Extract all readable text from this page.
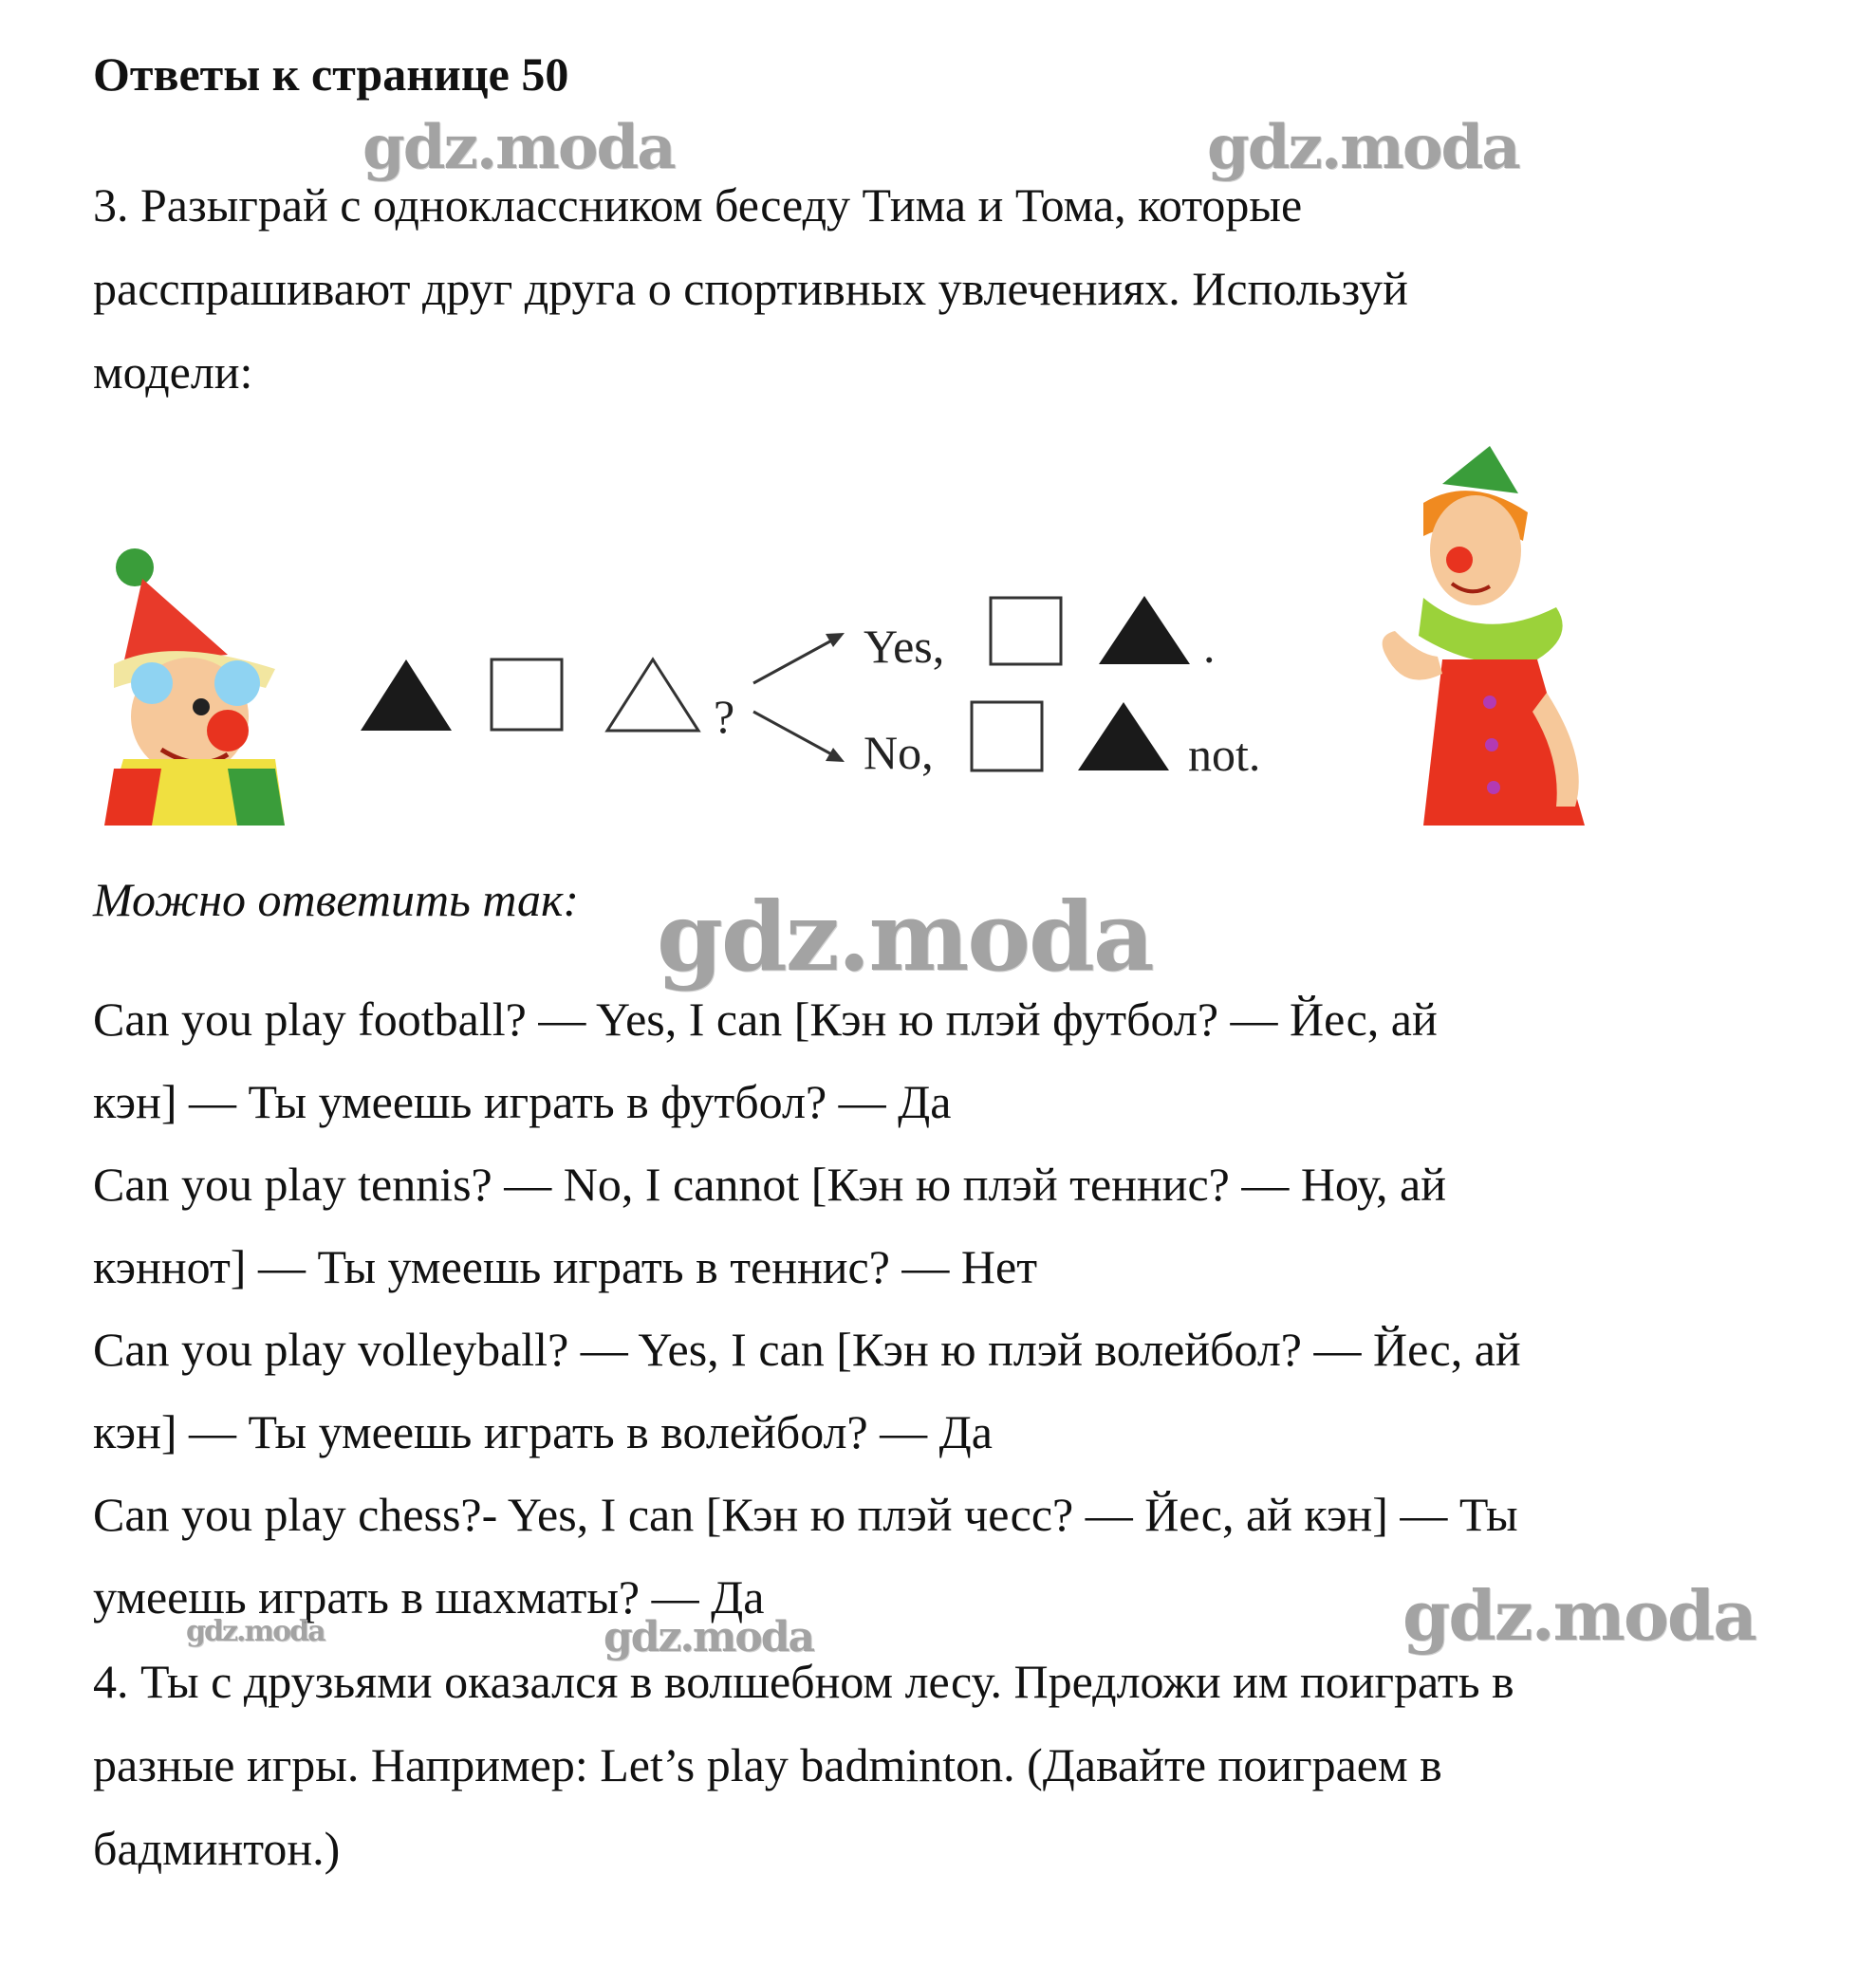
Ответы к странице 50
3. Разыграй с одноклассником беседу Тима и Тома, которые
расспрашивают друг друга о спортивных увлечениях. Используй
модели:
?
Yes,	.
No,	not.
Можно ответить так:
Can you play football? — Yes, I can [Кэн ю плэй футбол? — Йес, ай
кэн] — Ты умеешь играть в футбол? — Да
Can you play tennis? — No, I cannot [Кэн ю плэй теннис? — Ноу, ай
кэннот] — Ты умеешь играть в теннис? — Нет
Can you play volleyball? — Yes, I can [Кэн ю плэй волейбол? — Йес, ай
кэн] — Ты умеешь играть в волейбол? — Да
Can you play chess?- Yes, I can [Кэн ю плэй чесс? — Йес, ай кэн] — Ты
умеешь играть в шахматы? — Да
4. Ты с друзьями оказался в волшебном лесу. Предложи им поиграть в
разные игры. Например: Let’s play badminton. (Давайте поиграем в
бадминтон.)
gdz.moda	gdz.moda
gdz.moda
gdz.moda
gdz.moda	gdz.moda
